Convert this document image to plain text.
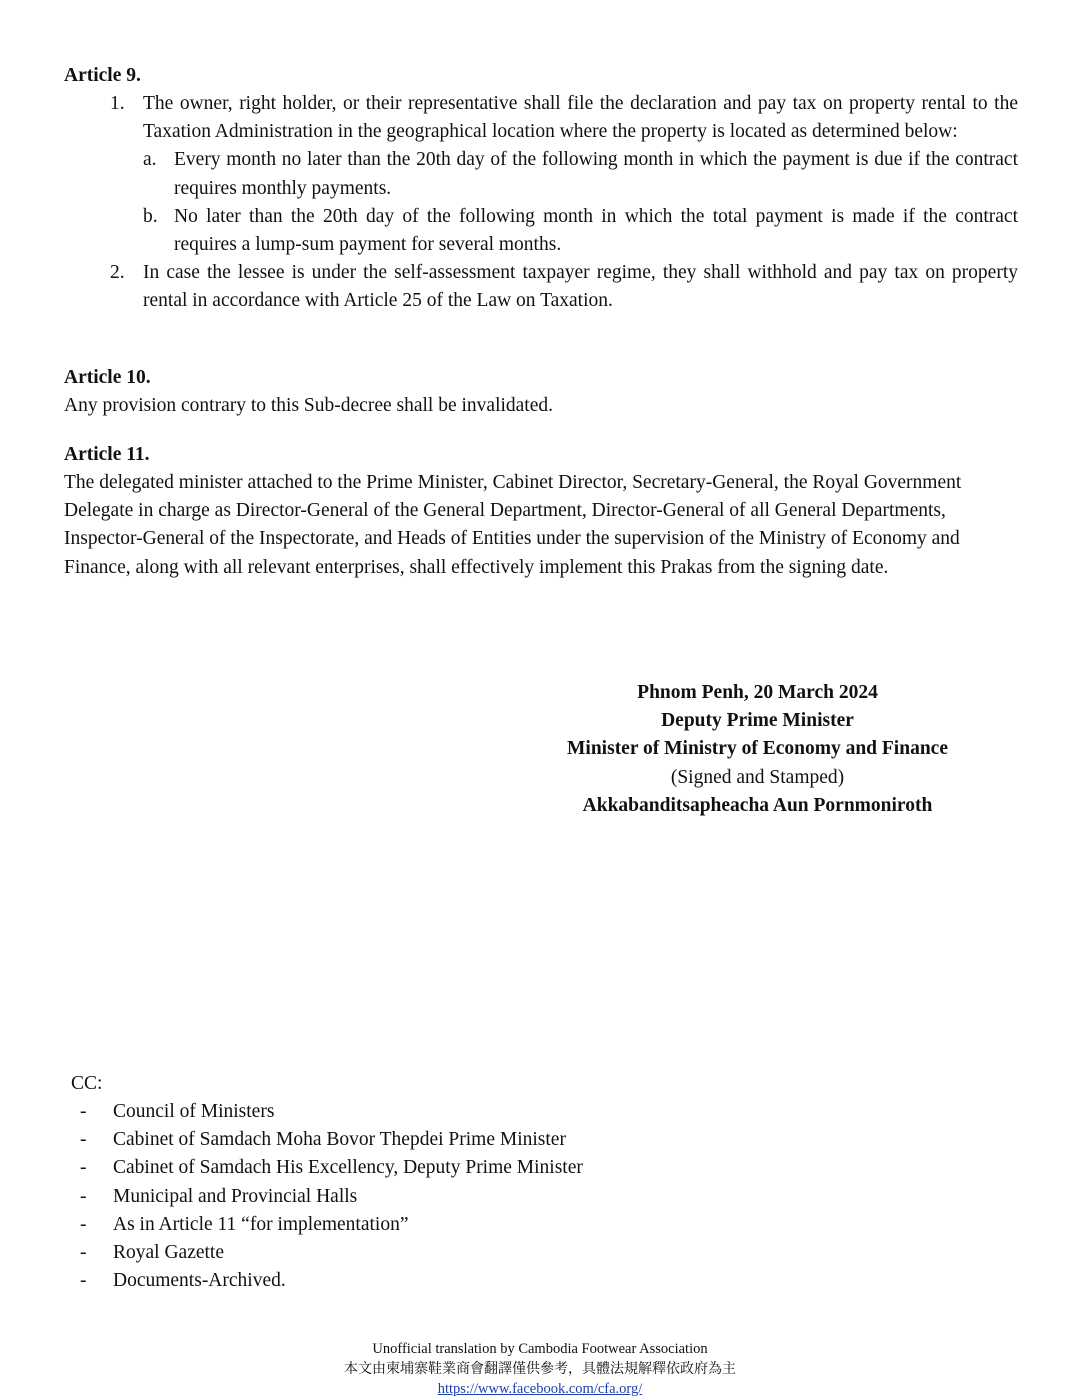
Article 9.
1. The owner, right holder, or their representative shall file the declaration and pay tax on property rental to the Taxation Administration in the geographical location where the property is located as determined below:
a. Every month no later than the 20th day of the following month in which the payment is due if the contract requires monthly payments.
b. No later than the 20th day of the following month in which the total payment is made if the contract requires a lump-sum payment for several months.
2. In case the lessee is under the self-assessment taxpayer regime, they shall withhold and pay tax on property rental in accordance with Article 25 of the Law on Taxation.
Article 10.
Any provision contrary to this Sub-decree shall be invalidated.
Article 11.
The delegated minister attached to the Prime Minister, Cabinet Director, Secretary-General, the Royal Government Delegate in charge as Director-General of the General Department, Director-General of all General Departments, Inspector-General of the Inspectorate, and Heads of Entities under the supervision of the Ministry of Economy and Finance, along with all relevant enterprises, shall effectively implement this Prakas from the signing date.
Phnom Penh, 20 March 2024
Deputy Prime Minister
Minister of Ministry of Economy and Finance
(Signed and Stamped)
Akkabanditsapheacha Aun Pornmoniroth
CC:
- Council of Ministers
- Cabinet of Samdach Moha Bovor Thepdei Prime Minister
- Cabinet of Samdach His Excellency, Deputy Prime Minister
- Municipal and Provincial Halls
- As in Article 11 “for implementation”
- Royal Gazette
- Documents-Archived.
Unofficial translation by Cambodia Footwear Association
本文由柬埔寨鞋業商會翻譯僅供參考，具體法規解釋依政府為主
https://www.facebook.com/cfa.org/
